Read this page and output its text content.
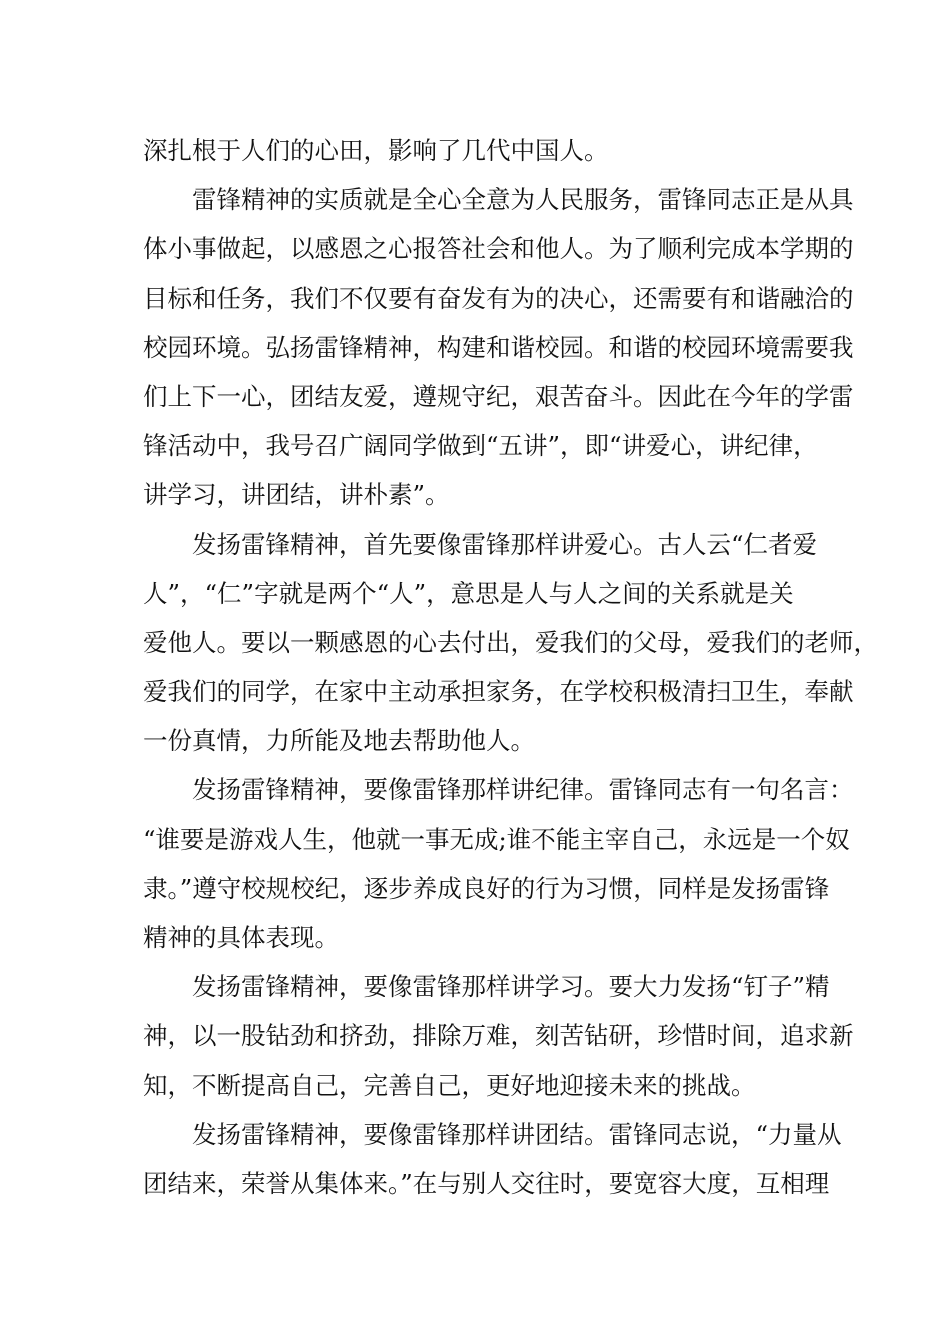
深扎根于人们的心田，影响了几代中国人。
雷锋精神的实质就是全心全意为人民服务，雷锋同志正是从具
体小事做起，以感恩之心报答社会和他人。为了顺利完成本学期的
目标和任务，我们不仅要有奋发有为的决心，还需要有和谐融洽的
校园环境。弘扬雷锋精神，构建和谐校园。和谐的校园环境需要我
们上下一心，团结友爱，遵规守纪，艰苦奋斗。因此在今年的学雷
锋活动中，我号召广阔同学做到“五讲”，即“讲爱心，讲纪律，
讲学习，讲团结，讲朴素”。
发扬雷锋精神，首先要像雷锋那样讲爱心。古人云“仁者爱
人”，“仁”字就是两个“人”，意思是人与人之间的关系就是关
爱他人。要以一颗感恩的心去付出，爱我们的父母，爱我们的老师，
爱我们的同学，在家中主动承担家务，在学校积极清扫卫生，奉献
一份真情，力所能及地去帮助他人。
发扬雷锋精神，要像雷锋那样讲纪律。雷锋同志有一句名言：
“谁要是游戏人生，他就一事无成;谁不能主宰自己，永远是一个奴
隶。”遵守校规校纪，逐步养成良好的行为习惯，同样是发扬雷锋
精神的具体表现。
发扬雷锋精神，要像雷锋那样讲学习。要大力发扬“钉子”精
神，以一股钻劲和挤劲，排除万难，刻苦钻研，珍惜时间，追求新
知，不断提高自己，完善自己，更好地迎接未来的挑战。
发扬雷锋精神，要像雷锋那样讲团结。雷锋同志说，“力量从
团结来，荣誉从集体来。”在与别人交往时，要宽容大度，互相理
